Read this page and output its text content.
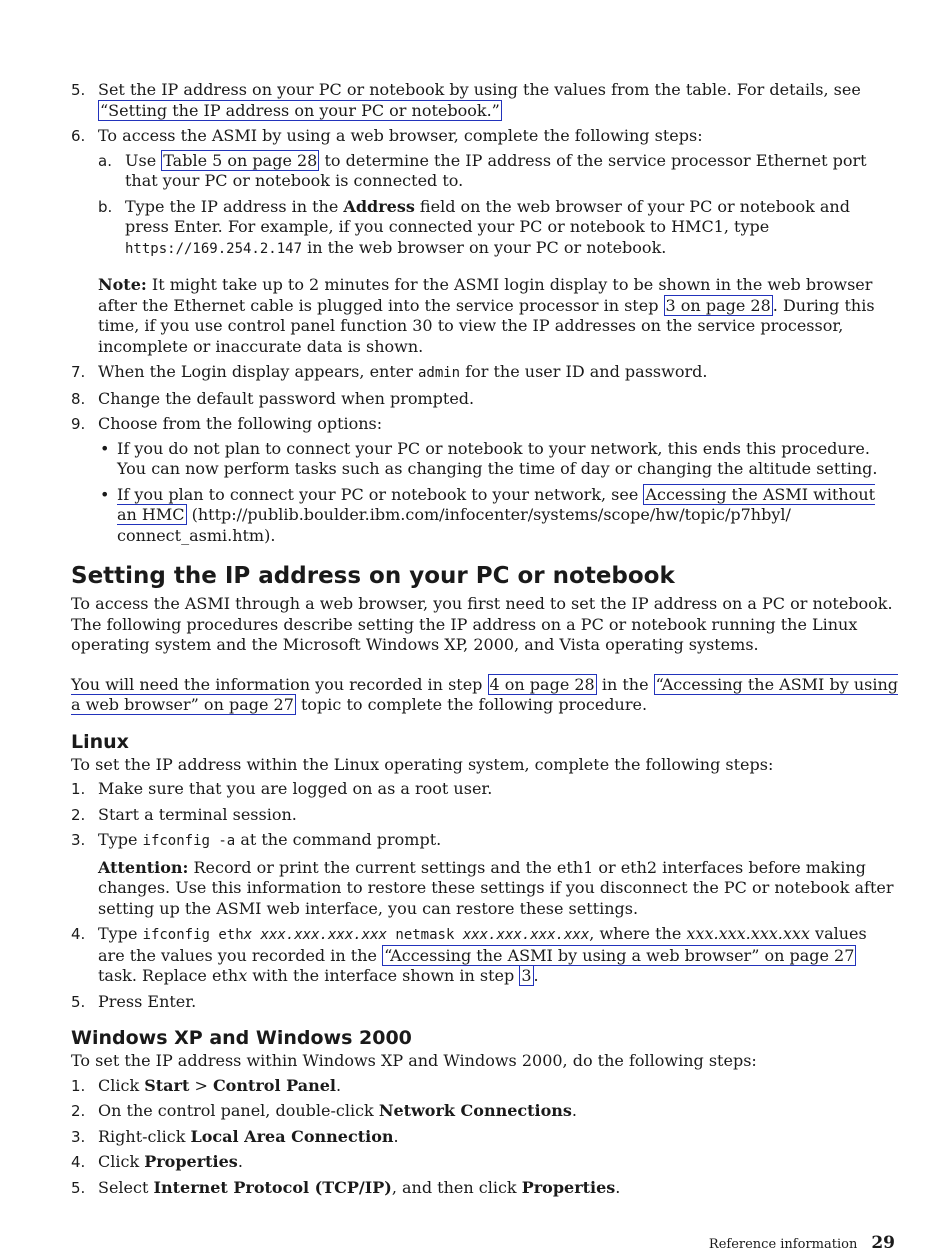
5. Set the IP address on your PC or notebook by using the values from the table. For details, see “Setting the IP address on your PC or notebook.”
6. To access the ASMI by using a web browser, complete the following steps:
a. Use Table 5 on page 28 to determine the IP address of the service processor Ethernet port that your PC or notebook is connected to.
b. Type the IP address in the Address field on the web browser of your PC or notebook and press Enter. For example, if you connected your PC or notebook to HMC1, type https://169.254.2.147 in the web browser on your PC or notebook.
Note: It might take up to 2 minutes for the ASMI login display to be shown in the web browser after the Ethernet cable is plugged into the service processor in step 3 on page 28 . During this time, if you use control panel function 30 to view the IP addresses on the service processor, incomplete or inaccurate data is shown.
7. When the Login display appears, enter admin for the user ID and password.
8. Change the default password when prompted.
9. Choose from the following options:
• If you do not plan to connect your PC or notebook to your network, this ends this procedure. You can now perform tasks such as changing the time of day or changing the altitude setting.
• If you plan to connect your PC or notebook to your network, see Accessing the ASMI without an HMC (http://publib.boulder.ibm.com/infocenter/systems/scope/hw/topic/p7hbyl/ connect_asmi.htm).
Setting the IP address on your PC or notebook

To access the ASMI through a web browser, you first need to set the IP address on a PC or notebook. The following procedures describe setting the IP address on a PC or notebook running the Linux operating system and the Microsoft Windows XP, 2000, and Vista operating systems.

You will need the information you recorded in step 4 on page 28 in the “Accessing the ASMI by using a web browser” on page 27 topic to complete the following procedure.

Linux

To set the IP address within the Linux operating system, complete the following steps:

1. Make sure that you are logged on as a root user.
2. Start a terminal session.
3. Type ifconfig -a at the command prompt.
Attention: Record or print the current settings and the eth1 or eth2 interfaces before making changes. Use this information to restore these settings if you disconnect the PC or notebook after setting up the ASMI web interface, you can restore these settings.
4. Type ifconfig ethx xxx.xxx.xxx.xxx netmask xxx.xxx.xxx.xxx, where the xxx.xxx.xxx.xxx values are the values you recorded in the “Accessing the ASMI by using a web browser” on page 27 task. Replace ethx with the interface shown in step 3 .
5. Press Enter.
Windows XP and Windows 2000

To set the IP address within Windows XP and Windows 2000, do the following steps:

1. Click Start > Control Panel.
2. On the control panel, double-click Network Connections.
3. Right-click Local Area Connection.
4. Click Properties.
5. Select Internet Protocol (TCP/IP), and then click Properties.
Reference information 29
